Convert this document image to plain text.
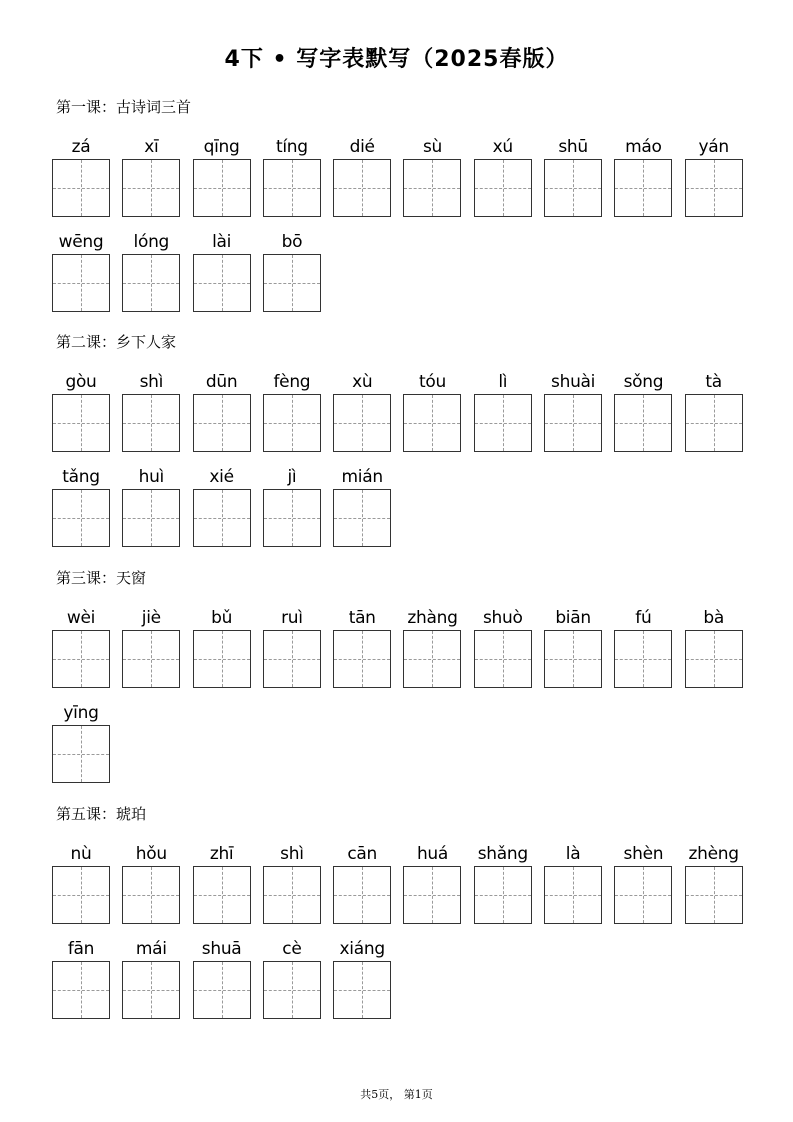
4下 • 写字表默写（2025春版）
第一课：古诗词三首
zá	xī	qīng	tíng	dié	sù	xú	shū	máo	yán
wēng	lóng	lài	bō
第二课：乡下人家
gòu	shì	dūn	fèng	xù	tóu	lì	shuài	sǒng	tà
tǎng	huì	xié	jì	mián
第三课：天窗
wèi	jiè	bǔ	ruì	tān	zhàng	shuò	biān	fú	bà
yīng
第五课：琥珀
nù	hǒu	zhī	shì	cān	huá	shǎng	là	shèn	zhèng
fān	mái	shuā	cè	xiáng
共5页， 第1页
